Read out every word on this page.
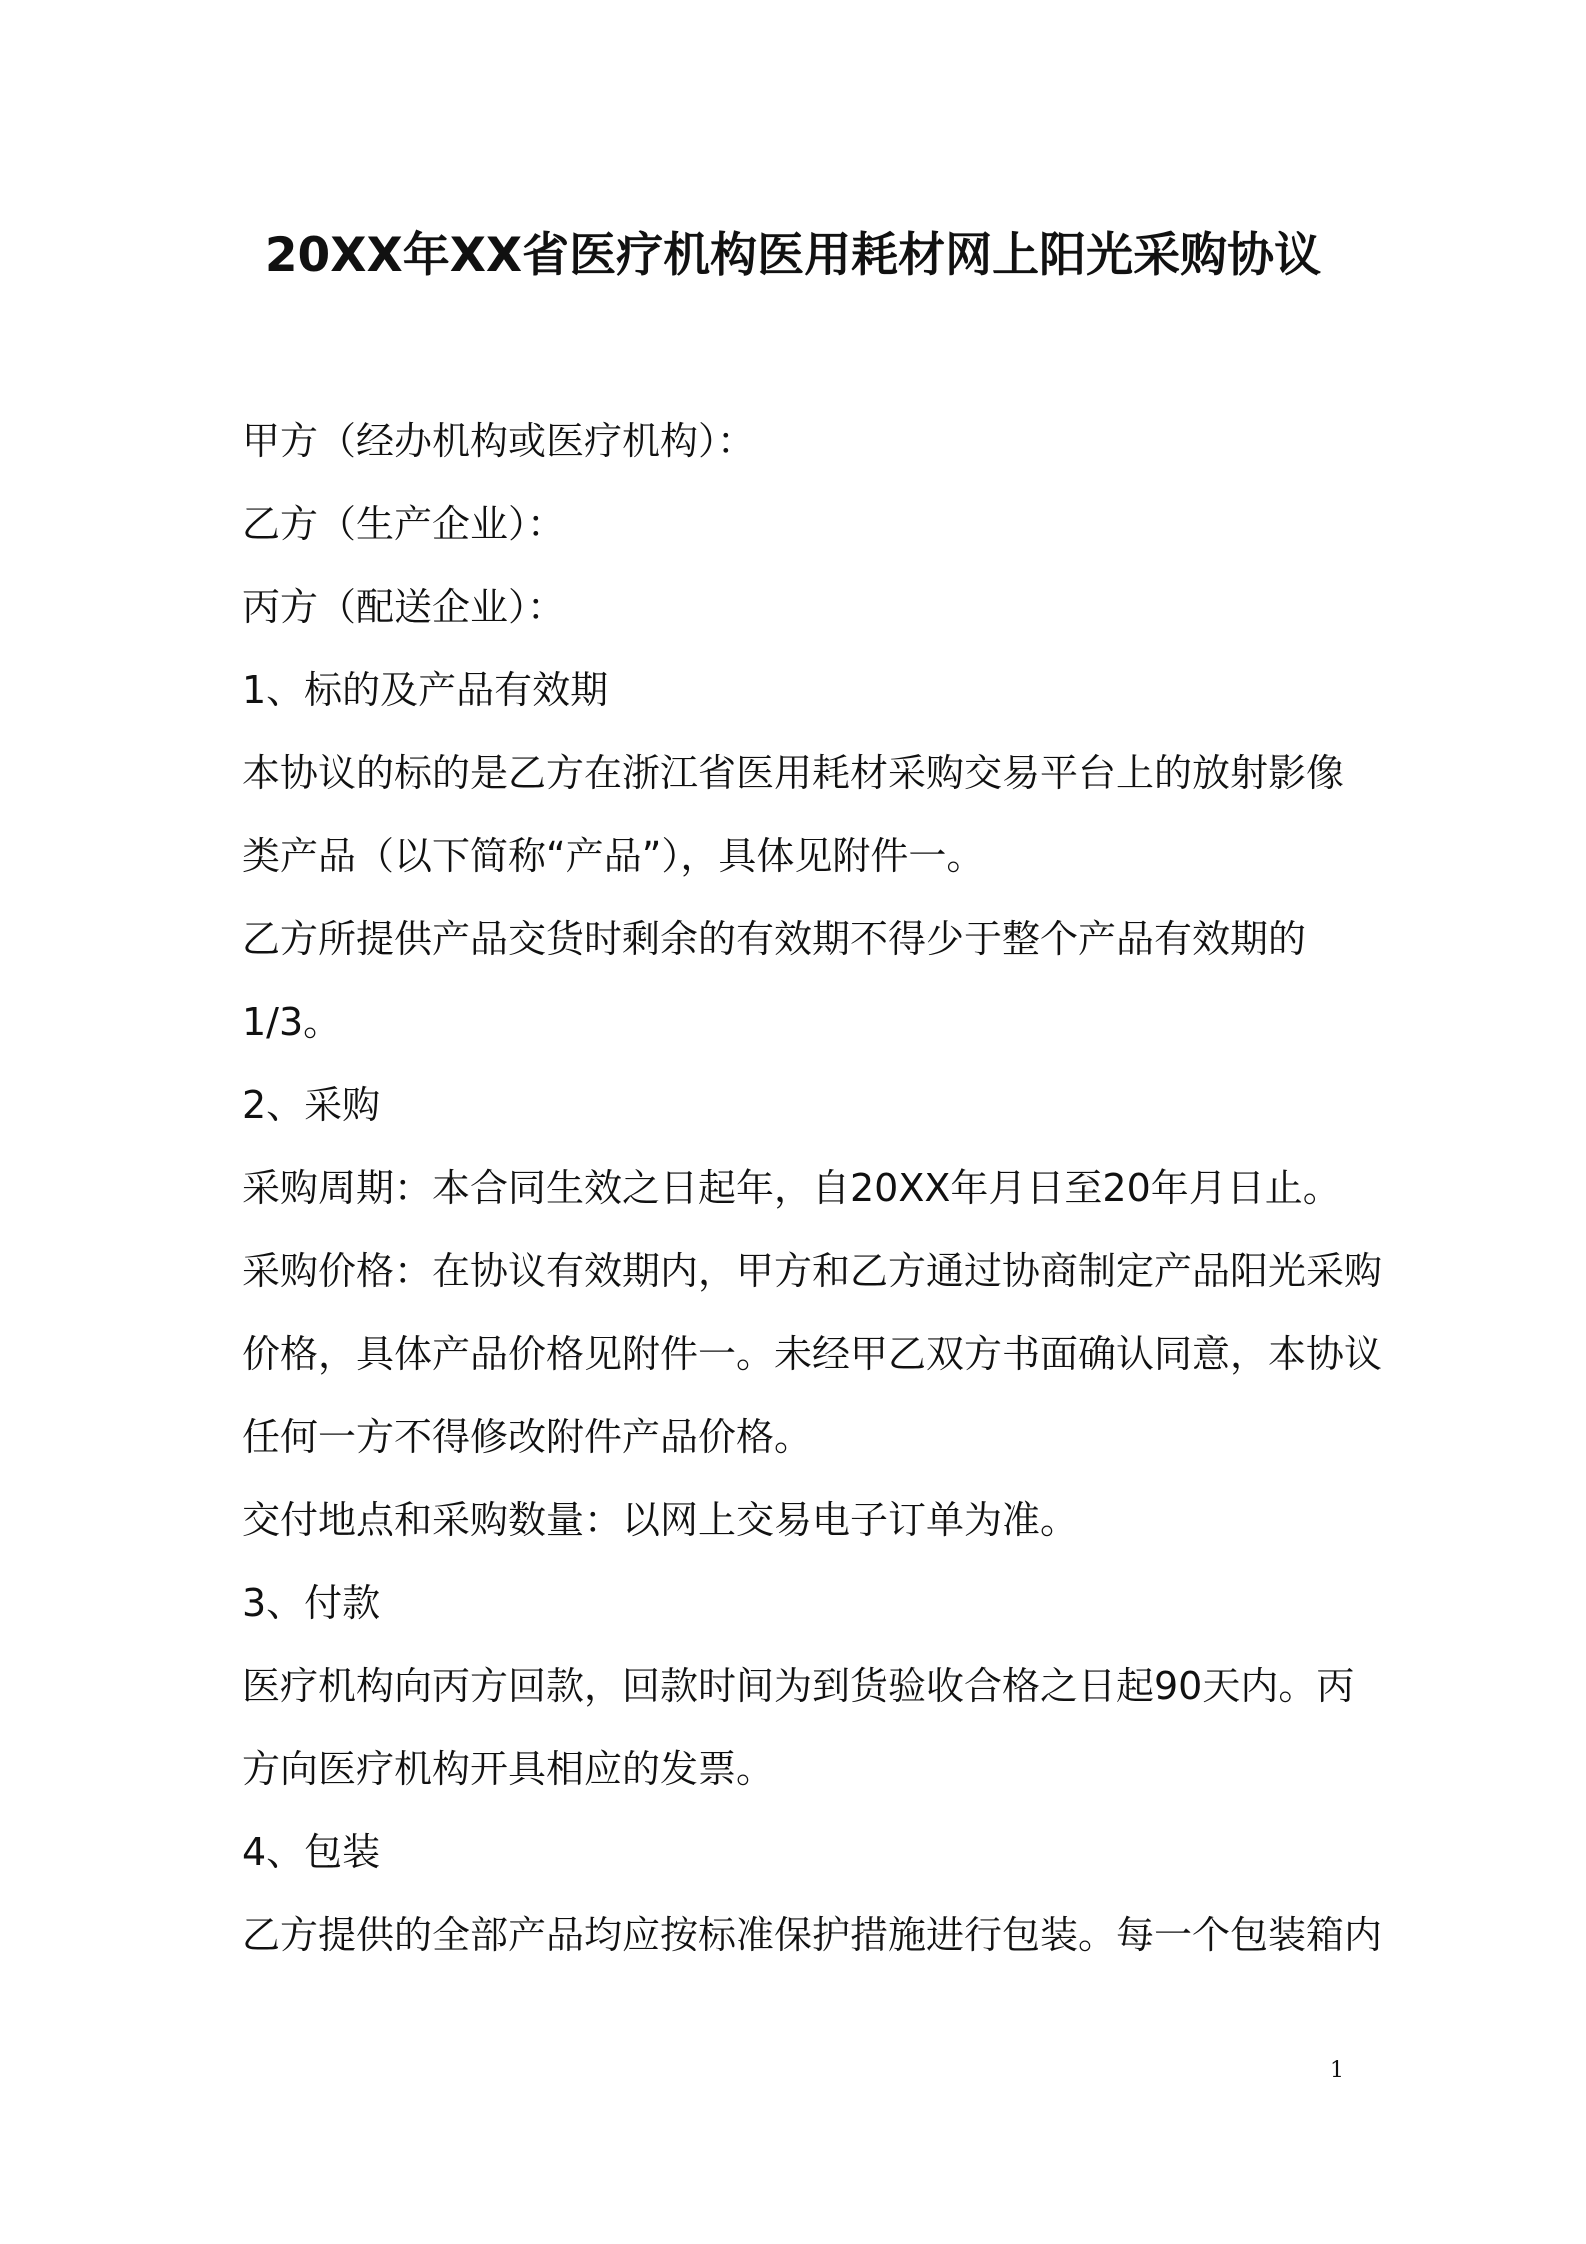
20XX年XX省医疗机构医用耗材网上阳光采购协议
甲方（经办机构或医疗机构）：
乙方（生产企业）：
丙方（配送企业）：
1、标的及产品有效期
本协议的标的是乙方在浙江省医用耗材采购交易平台上的放射影像
类产品（以下简称“产品”），具体见附件一。
乙方所提供产品交货时剩余的有效期不得少于整个产品有效期的
1/3。
2、采购
采购周期：本合同生效之日起年，自20XX年月日至20年月日止。
采购价格：在协议有效期内，甲方和乙方通过协商制定产品阳光采购
价格，具体产品价格见附件一。未经甲乙双方书面确认同意，本协议
任何一方不得修改附件产品价格。
交付地点和采购数量：以网上交易电子订单为准。
3、付款
医疗机构向丙方回款，回款时间为到货验收合格之日起90天内。丙
方向医疗机构开具相应的发票。
4、包装
乙方提供的全部产品均应按标准保护措施进行包装。每一个包装箱内
1
